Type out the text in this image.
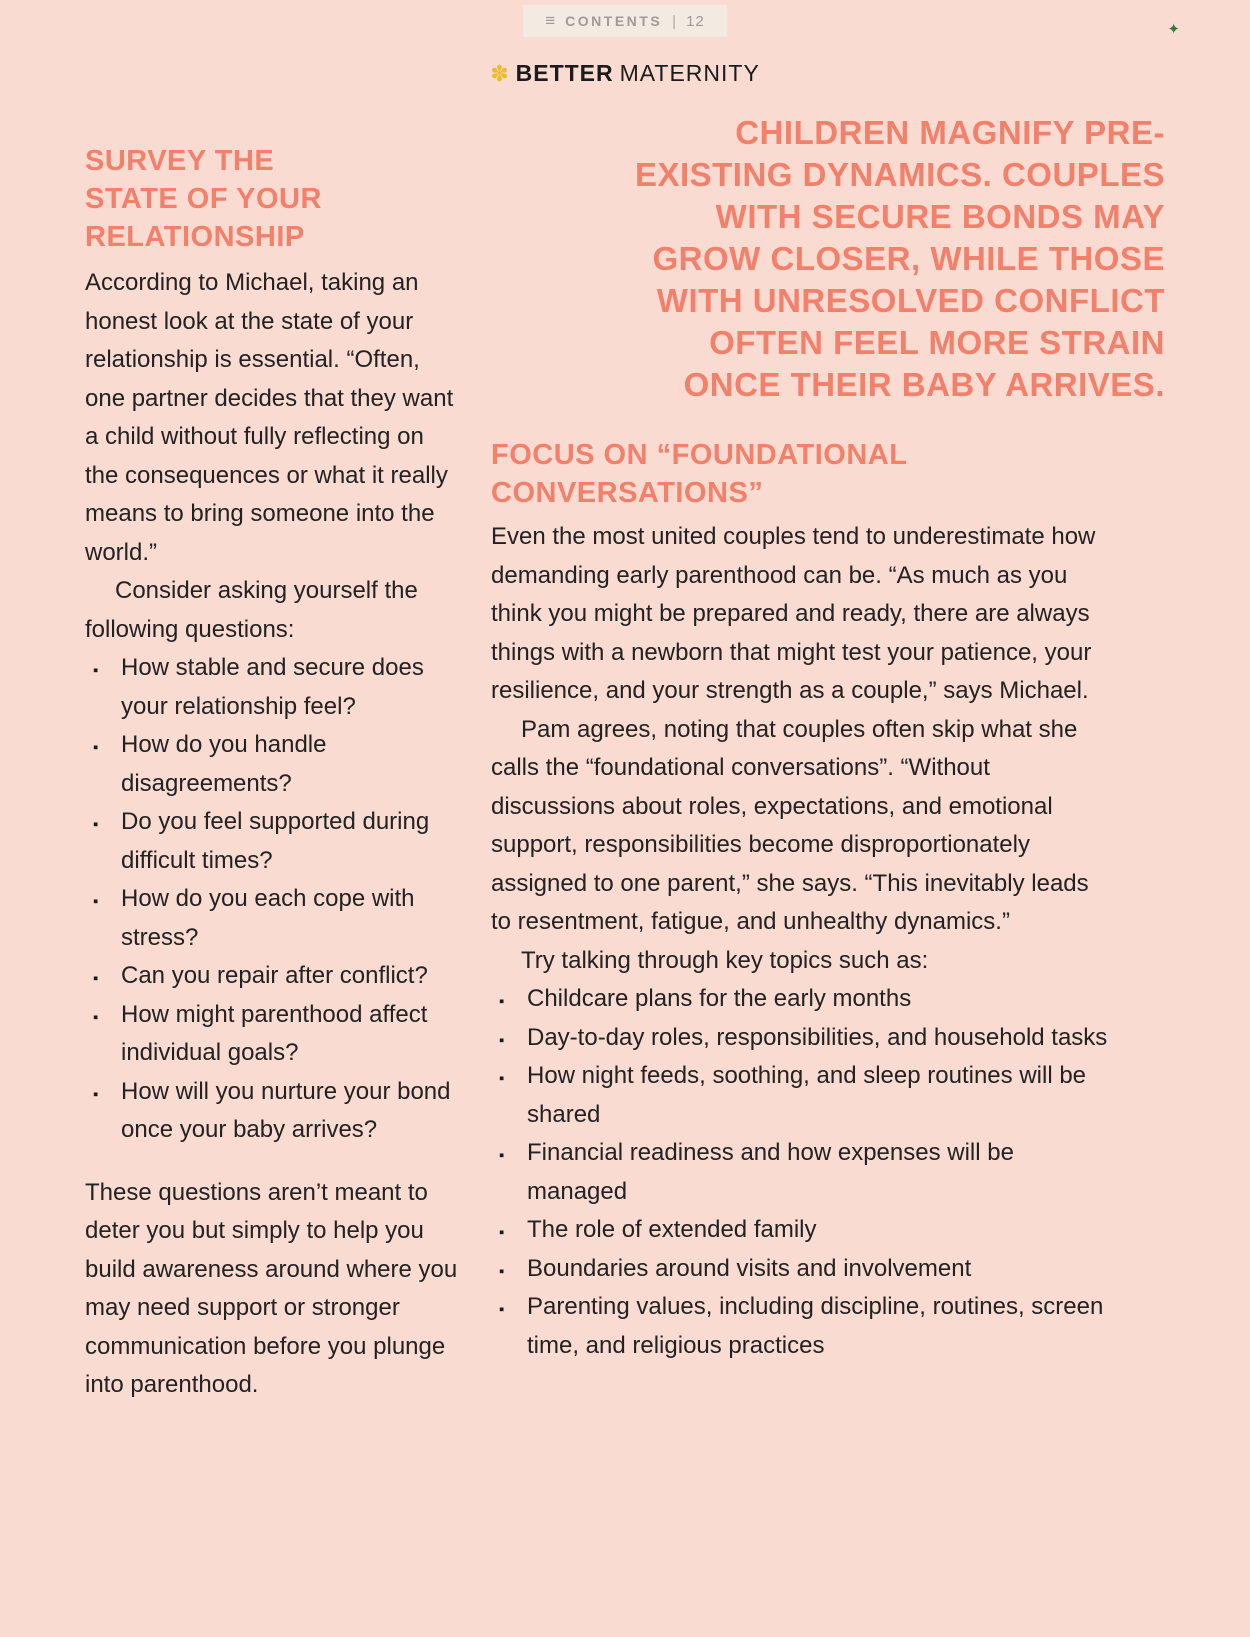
≡ CONTENTS | 12	✦
✽ BETTER MATERNITY
SURVEY THE
STATE OF YOUR
RELATIONSHIP

According to Michael, taking an honest look at the state of your relationship is essential. “Often, one partner decides that they want a child without fully reflecting on the consequences or what it really means to bring someone into the world.”

Consider asking yourself the following questions:

▪
How stable and secure does your relationship feel?
▪
How do you handle disagreements?
▪
Do you feel supported during difficult times?
▪
How do you each cope with stress?
▪
Can you repair after conflict?
▪
How might parenthood affect individual goals?
▪
How will you nurture your bond once your baby arrives?

These questions aren’t meant to deter you but simply to help you build awareness around where you may need support or stronger communication before you plunge into parenthood.

CHILDREN MAGNIFY PRE-
EXISTING DYNAMICS. COUPLES
WITH SECURE BONDS MAY
GROW CLOSER, WHILE THOSE
WITH UNRESOLVED CONFLICT
OFTEN FEEL MORE STRAIN
ONCE THEIR BABY ARRIVES.
FOCUS ON “FOUNDATIONAL
CONVERSATIONS”

Even the most united couples tend to underestimate how demanding early parenthood can be. “As much as you think you might be prepared and ready, there are always things with a newborn that might test your patience, your resilience, and your strength as a couple,” says Michael.

Pam agrees, noting that couples often skip what she calls the “foundational conversations”. “Without discussions about roles, expectations, and emotional support, responsibilities become disproportionately assigned to one parent,” she says. “This inevitably leads to resentment, fatigue, and unhealthy dynamics.”

Try talking through key topics such as:

▪
Childcare plans for the early months
▪
Day-to-day roles, responsibilities, and household tasks
▪
How night feeds, soothing, and sleep routines will be shared
▪
Financial readiness and how expenses will be managed
▪
The role of extended family
▪
Boundaries around visits and involvement
▪
Parenting values, including discipline, routines, screen time, and religious practices
